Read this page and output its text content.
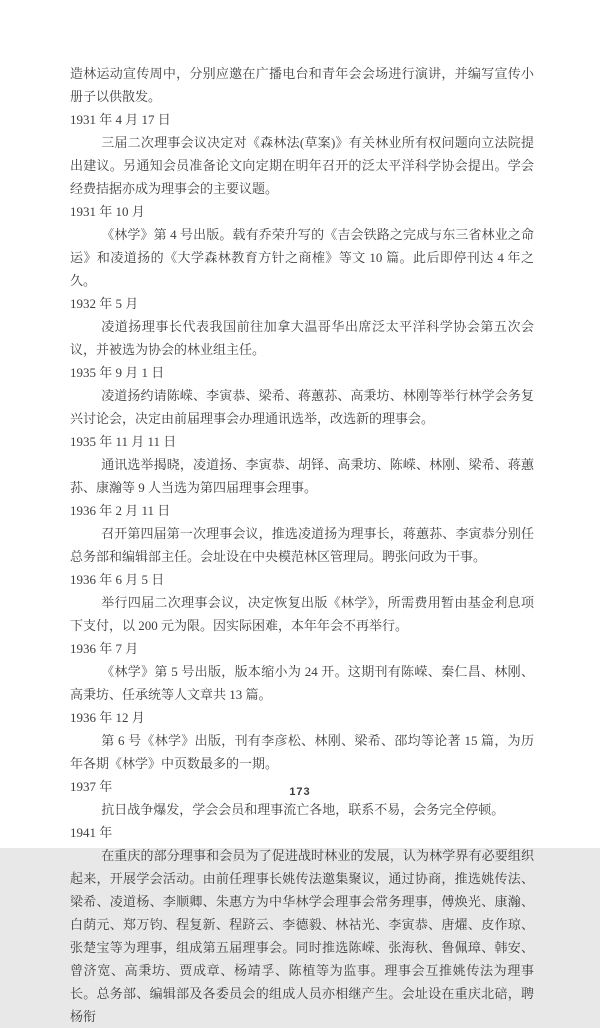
造林运动宣传周中，分别应邀在广播电台和青年会会场进行演讲，并编写宣传小册子以供散发。

1931 年 4 月 17 日

三届二次理事会议决定对《森林法(草案)》有关林业所有权问题向立法院提出建议。另通知会员准备论文向定期在明年召开的泛太平洋科学协会提出。学会经费拮据亦成为理事会的主要议题。

1931 年 10 月

《林学》第 4 号出版。载有乔荣升写的《吉会铁路之完成与东三省林业之命运》和凌道扬的《大学森林教育方针之商榷》等文 10 篇。此后即停刊达 4 年之久。

1932 年 5 月

凌道扬理事长代表我国前往加拿大温哥华出席泛太平洋科学协会第五次会议，并被选为协会的林业组主任。

1935 年 9 月 1 日

凌道扬约请陈嵘、李寅恭、梁希、蒋蕙荪、高秉坊、林刚等举行林学会务复兴讨论会，决定由前届理事会办理通讯选举，改选新的理事会。

1935 年 11 月 11 日

通讯选举揭晓，凌道扬、李寅恭、胡铎、高秉坊、陈嵘、林刚、梁希、蒋蕙荪、康瀚等 9 人当选为第四届理事会理事。

1936 年 2 月 11 日

召开第四届第一次理事会议，推选凌道扬为理事长，蒋蕙荪、李寅恭分别任总务部和编辑部主任。会址设在中央模范林区管理局。聘张问政为干事。

1936 年 6 月 5 日

举行四届二次理事会议，决定恢复出版《林学》，所需费用暂由基金利息项下支付，以 200 元为限。因实际困难，本年年会不再举行。

1936 年 7 月

《林学》第 5 号出版，版本缩小为 24 开。这期刊有陈嵘、秦仁昌、林刚、高秉坊、任承统等人文章共 13 篇。

1936 年 12 月

第 6 号《林学》出版，刊有李彦松、林刚、梁希、邵均等论著 15 篇，为历年各期《林学》中页数最多的一期。

1937 年

抗日战争爆发，学会会员和理事流亡各地，联系不易，会务完全停顿。

1941 年

在重庆的部分理事和会员为了促进战时林业的发展，认为林学界有必要组织起来，开展学会活动。由前任理事长姚传法邀集聚议，通过协商，推选姚传法、梁希、凌道杨、李顺卿、朱惠方为中华林学会理事会常务理事，傅焕光、康瀚、白荫元、郑万钧、程复新、程跻云、李德毅、林祜光、李寅恭、唐燿、皮作琼、张楚宝等为理事，组成第五届理事会。同时推选陈嵘、张海秋、鲁佩璋、韩安、曾济宽、高秉坊、贾成章、杨靖孚、陈植等为监事。理事会互推姚传法为理事长。总务部、编辑部及各委员会的组成人员亦相继产生。会址设在重庆北碚，聘杨衔

173
